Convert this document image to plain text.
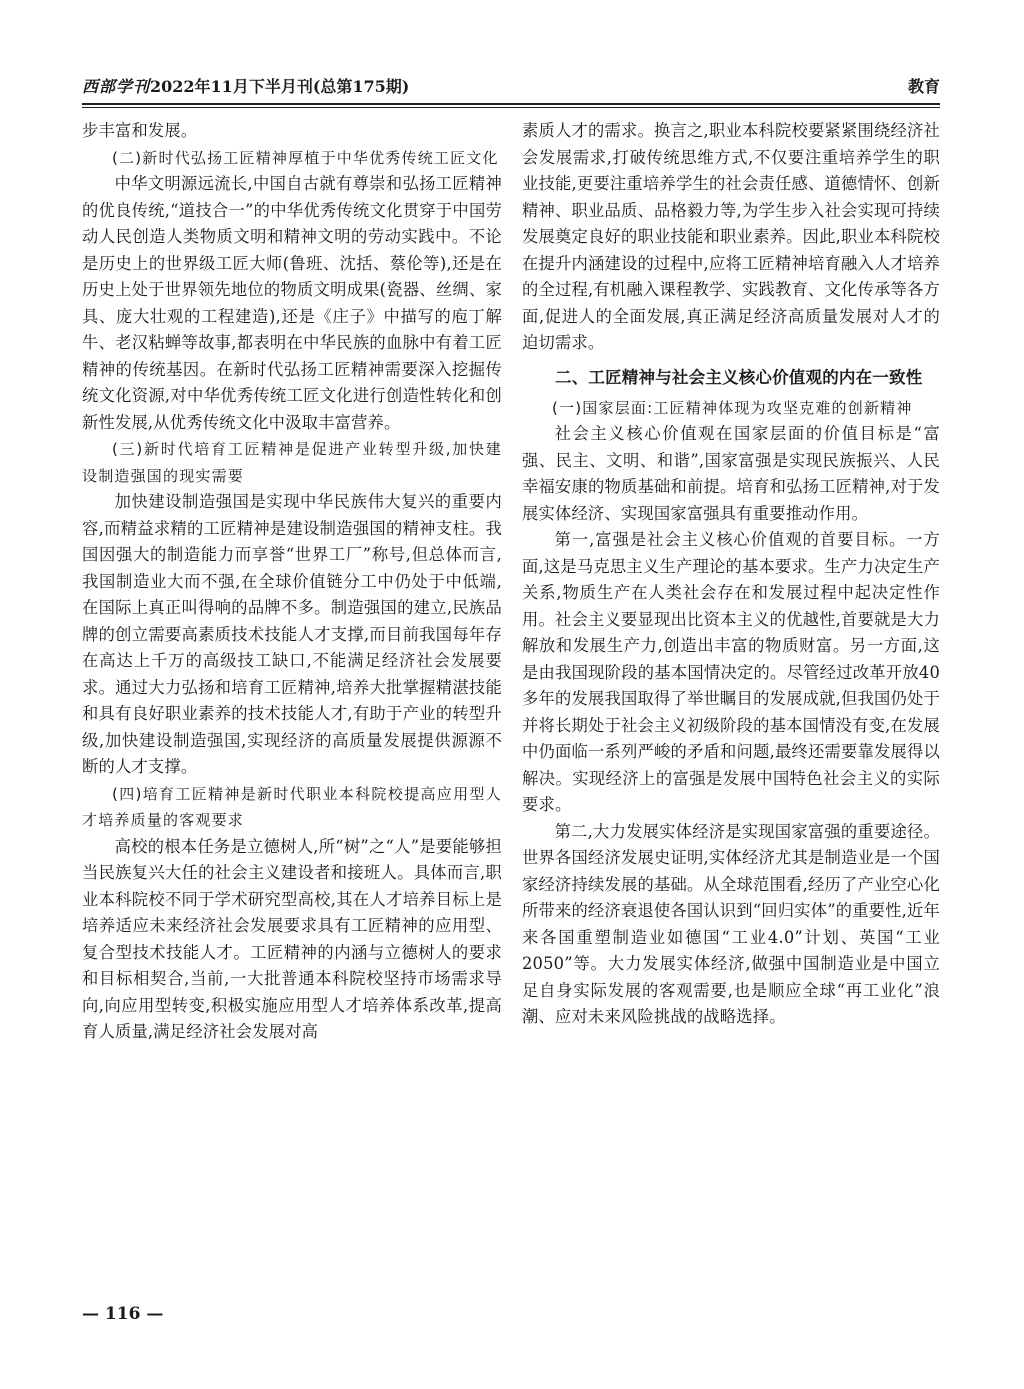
西部学刊2022年11月下半月刊(总第175期)	教育

步丰富和发展。

(二)新时代弘扬工匠精神厚植于中华优秀传统工匠文化

中华文明源远流长,中国自古就有尊崇和弘扬工匠精神的优良传统,“道技合一”的中华优秀传统文化贯穿于中国劳动人民创造人类物质文明和精神文明的劳动实践中。不论是历史上的世界级工匠大师(鲁班、沈括、蔡伦等),还是在历史上处于世界领先地位的物质文明成果(瓷器、丝绸、家具、庞大壮观的工程建造),还是《庄子》中描写的庖丁解牛、老汉粘蝉等故事,都表明在中华民族的血脉中有着工匠精神的传统基因。在新时代弘扬工匠精神需要深入挖掘传统文化资源,对中华优秀传统工匠文化进行创造性转化和创新性发展,从优秀传统文化中汲取丰富营养。

(三)新时代培育工匠精神是促进产业转型升级,加快建设制造强国的现实需要

加快建设制造强国是实现中华民族伟大复兴的重要内容,而精益求精的工匠精神是建设制造强国的精神支柱。我国因强大的制造能力而享誉“世界工厂”称号,但总体而言,我国制造业大而不强,在全球价值链分工中仍处于中低端,在国际上真正叫得响的品牌不多。制造强国的建立,民族品牌的创立需要高素质技术技能人才支撑,而目前我国每年存在高达上千万的高级技工缺口,不能满足经济社会发展要求。通过大力弘扬和培育工匠精神,培养大批掌握精湛技能和具有良好职业素养的技术技能人才,有助于产业的转型升级,加快建设制造强国,实现经济的高质量发展提供源源不断的人才支撑。

(四)培育工匠精神是新时代职业本科院校提高应用型人才培养质量的客观要求

高校的根本任务是立德树人,所“树”之“人”是要能够担当民族复兴大任的社会主义建设者和接班人。具体而言,职业本科院校不同于学术研究型高校,其在人才培养目标上是培养适应未来经济社会发展要求具有工匠精神的应用型、复合型技术技能人才。工匠精神的内涵与立德树人的要求和目标相契合,当前,一大批普通本科院校坚持市场需求导向,向应用型转变,积极实施应用型人才培养体系改革,提高育人质量,满足经济社会发展对高

素质人才的需求。换言之,职业本科院校要紧紧围绕经济社会发展需求,打破传统思维方式,不仅要注重培养学生的职业技能,更要注重培养学生的社会责任感、道德情怀、创新精神、职业品质、品格毅力等,为学生步入社会实现可持续发展奠定良好的职业技能和职业素养。因此,职业本科院校在提升内涵建设的过程中,应将工匠精神培育融入人才培养的全过程,有机融入课程教学、实践教育、文化传承等各方面,促进人的全面发展,真正满足经济高质量发展对人才的迫切需求。

二、工匠精神与社会主义核心价值观的内在一致性

(一)国家层面:工匠精神体现为攻坚克难的创新精神

社会主义核心价值观在国家层面的价值目标是“富强、民主、文明、和谐”,国家富强是实现民族振兴、人民幸福安康的物质基础和前提。培育和弘扬工匠精神,对于发展实体经济、实现国家富强具有重要推动作用。

第一,富强是社会主义核心价值观的首要目标。一方面,这是马克思主义生产理论的基本要求。生产力决定生产关系,物质生产在人类社会存在和发展过程中起决定性作用。社会主义要显现出比资本主义的优越性,首要就是大力解放和发展生产力,创造出丰富的物质财富。另一方面,这是由我国现阶段的基本国情决定的。尽管经过改革开放40多年的发展我国取得了举世瞩目的发展成就,但我国仍处于并将长期处于社会主义初级阶段的基本国情没有变,在发展中仍面临一系列严峻的矛盾和问题,最终还需要靠发展得以解决。实现经济上的富强是发展中国特色社会主义的实际要求。

第二,大力发展实体经济是实现国家富强的重要途径。世界各国经济发展史证明,实体经济尤其是制造业是一个国家经济持续发展的基础。从全球范围看,经历了产业空心化所带来的经济衰退使各国认识到“回归实体”的重要性,近年来各国重塑制造业如德国“工业4.0”计划、英国“工业2050”等。大力发展实体经济,做强中国制造业是中国立足自身实际发展的客观需要,也是顺应全球“再工业化”浪潮、应对未来风险挑战的战略选择。

— 116 —
